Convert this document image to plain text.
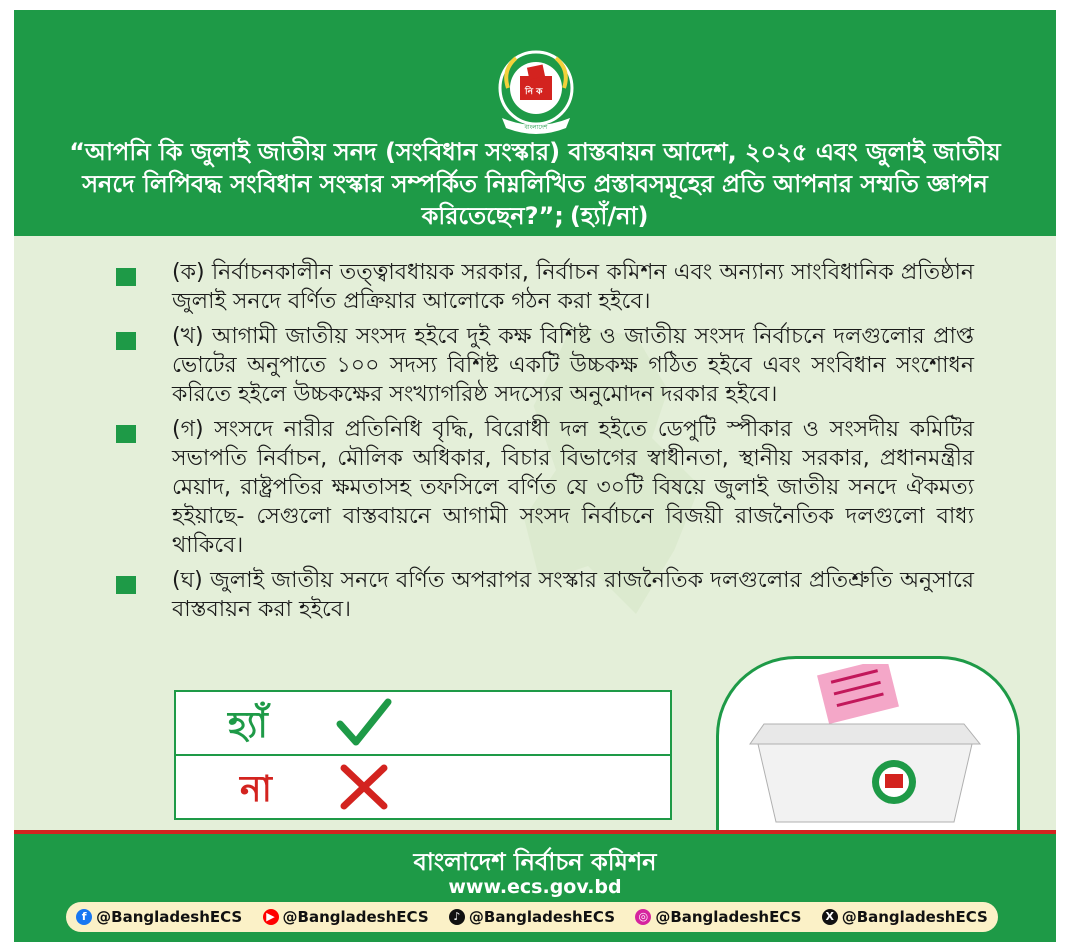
নি ক
বাংলাদেশ

“আপনি কি জুলাই জাতীয় সনদ (সংবিধান সংস্কার) বাস্তবায়ন আদেশ, ২০২৫ এবং জুলাই জাতীয় সনদে লিপিবদ্ধ সংবিধান সংস্কার সম্পর্কিত নিম্নলিখিত প্রস্তাবসমূহের প্রতি আপনার সম্মতি জ্ঞাপন করিতেছেন?”; (হ্যাঁ/না)

(ক) নির্বাচনকালীন তত্ত্বাবধায়ক সরকার, নির্বাচন কমিশন এবং অন্যান্য সাংবিধানিক প্রতিষ্ঠান জুলাই সনদে বর্ণিত প্রক্রিয়ার আলোকে গঠন করা হইবে।

(খ) আগামী জাতীয় সংসদ হইবে দুই কক্ষ বিশিষ্ট ও জাতীয় সংসদ নির্বাচনে দলগুলোর প্রাপ্ত ভোটের অনুপাতে ১০০ সদস্য বিশিষ্ট একটি উচ্চকক্ষ গঠিত হইবে এবং সংবিধান সংশোধন করিতে হইলে উচ্চকক্ষের সংখ্যাগরিষ্ঠ সদস্যের অনুমোদন দরকার হইবে।

(গ) সংসদে নারীর প্রতিনিধি বৃদ্ধি, বিরোধী দল হইতে ডেপুটি স্পীকার ও সংসদীয় কমিটির সভাপতি নির্বাচন, মৌলিক অধিকার, বিচার বিভাগের স্বাধীনতা, স্থানীয় সরকার, প্রধানমন্ত্রীর মেয়াদ, রাষ্ট্রপতির ক্ষমতাসহ তফসিলে বর্ণিত যে ৩০টি বিষয়ে জুলাই জাতীয় সনদে ঐকমত্য হইয়াছে- সেগুলো বাস্তবায়নে আগামী সংসদ নির্বাচনে বিজয়ী রাজনৈতিক দলগুলো বাধ্য থাকিবে।

(ঘ) জুলাই জাতীয় সনদে বর্ণিত অপরাপর সংস্কার রাজনৈতিক দলগুলোর প্রতিশ্রুতি অনুসারে বাস্তবায়ন করা হইবে।

হ্যাঁ
না
বাংলাদেশ নির্বাচন কমিশন
www.ecs.gov.bd
f @BangladeshECS	▶ @BangladeshECS	♪ @BangladeshECS ◎ @BangladeshECS	X @BangladeshECS
